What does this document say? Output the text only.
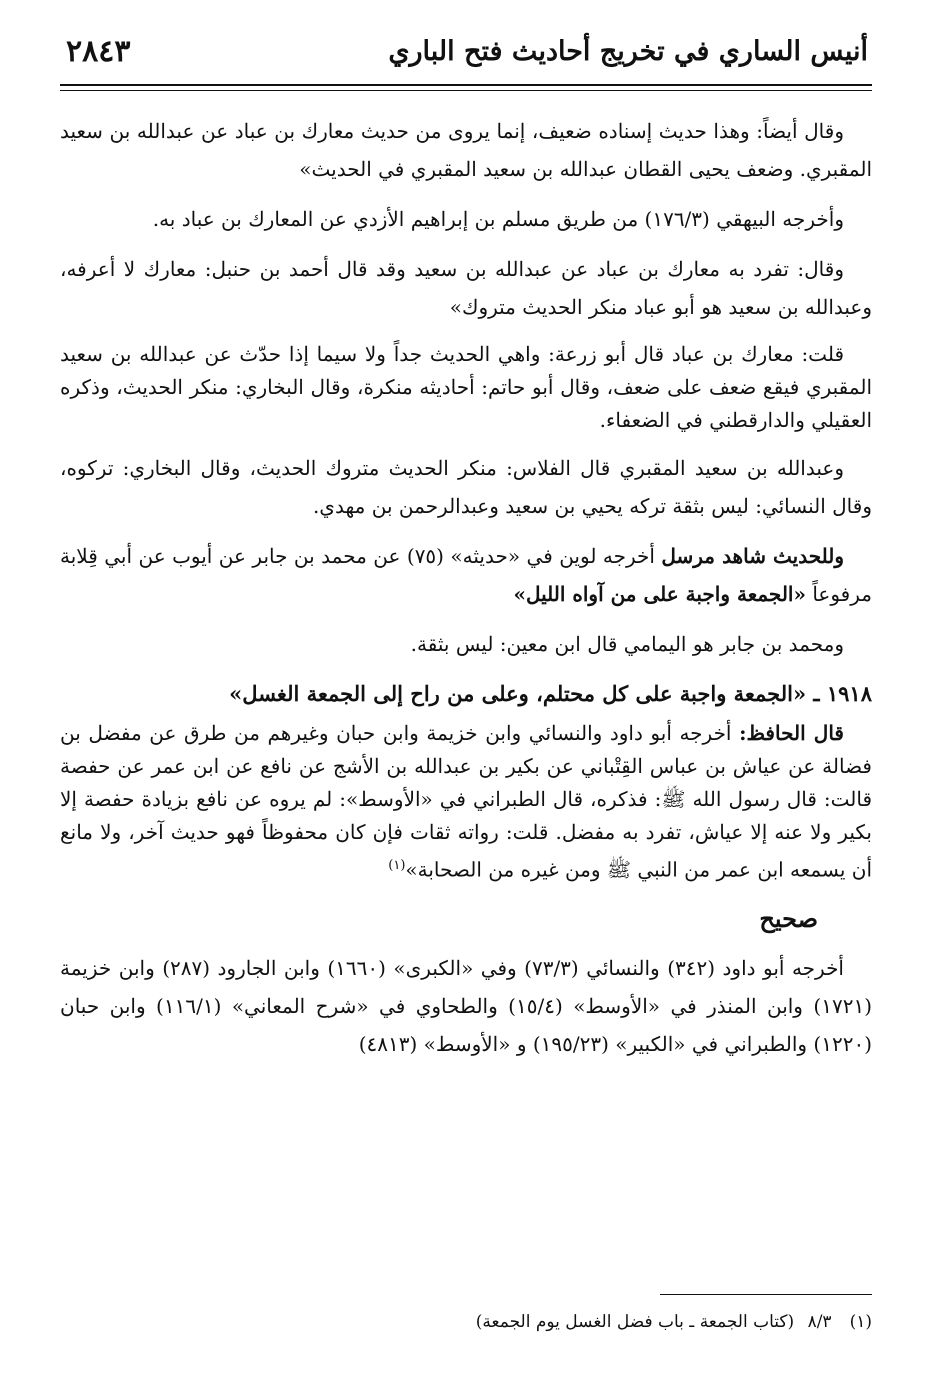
أنيس الساري في تخريج أحاديث فتح الباري
٢٨٤٣

وقال أيضاً: وهذا حديث إسناده ضعيف، إنما يروى من حديث معارك بن عباد عن عبدالله بن سعيد المقبري. وضعف يحيى القطان عبدالله بن سعيد المقبري في الحديث»

وأخرجه البيهقي (١٧٦/٣) من طريق مسلم بن إبراهيم الأزدي عن المعارك بن عباد به.

وقال: تفرد به معارك بن عباد عن عبدالله بن سعيد وقد قال أحمد بن حنبل: معارك لا أعرفه، وعبدالله بن سعيد هو أبو عباد منكر الحديث متروك»

قلت: معارك بن عباد قال أبو زرعة: واهي الحديث جداً ولا سيما إذا حدّث عن عبدالله بن سعيد المقبري فيقع ضعف على ضعف، وقال أبو حاتم: أحاديثه منكرة، وقال البخاري: منكر الحديث، وذكره العقيلي والدارقطني في الضعفاء.

وعبدالله بن سعيد المقبري قال الفلاس: منكر الحديث متروك الحديث، وقال البخاري: تركوه، وقال النسائي: ليس بثقة تركه يحيي بن سعيد وعبدالرحمن بن مهدي.

وللحديث شاهد مرسل أخرجه لوين في «حديثه» (٧٥) عن محمد بن جابر عن أيوب عن أبي قِلابة مرفوعاً «الجمعة واجبة على من آواه الليل»

ومحمد بن جابر هو اليمامي قال ابن معين: ليس بثقة.

١٩١٨ ـ «الجمعة واجبة على كل محتلم، وعلى من راح إلى الجمعة الغسل»

قال الحافظ: أخرجه أبو داود والنسائي وابن خزيمة وابن حبان وغيرهم من طرق عن مفضل بن فضالة عن عياش بن عباس القِتْباني عن بكير بن عبدالله بن الأشج عن نافع عن ابن عمر عن حفصة قالت: قال رسول الله ﷺ: فذكره، قال الطبراني في «الأوسط»: لم يروه عن نافع بزيادة حفصة إلا بكير ولا عنه إلا عياش، تفرد به مفضل. قلت: رواته ثقات فإن كان محفوظاً فهو حديث آخر، ولا مانع أن يسمعه ابن عمر من النبي ﷺ ومن غيره من الصحابة»$^{(١)}$

صحيح

أخرجه أبو داود (٣٤٢) والنسائي (٧٣/٣) وفي «الكبرى» (١٦٦٠) وابن الجارود (٢٨٧) وابن خزيمة (١٧٢١) وابن المنذر في «الأوسط» (١٥/٤) والطحاوي في «شرح المعاني» (١١٦/١) وابن حبان (١٢٢٠) والطبراني في «الكبير» (١٩٥/٢٣) و «الأوسط» (٤٨١٣)

(١)٨/٣ (كتاب الجمعة ـ باب فضل الغسل يوم الجمعة)
